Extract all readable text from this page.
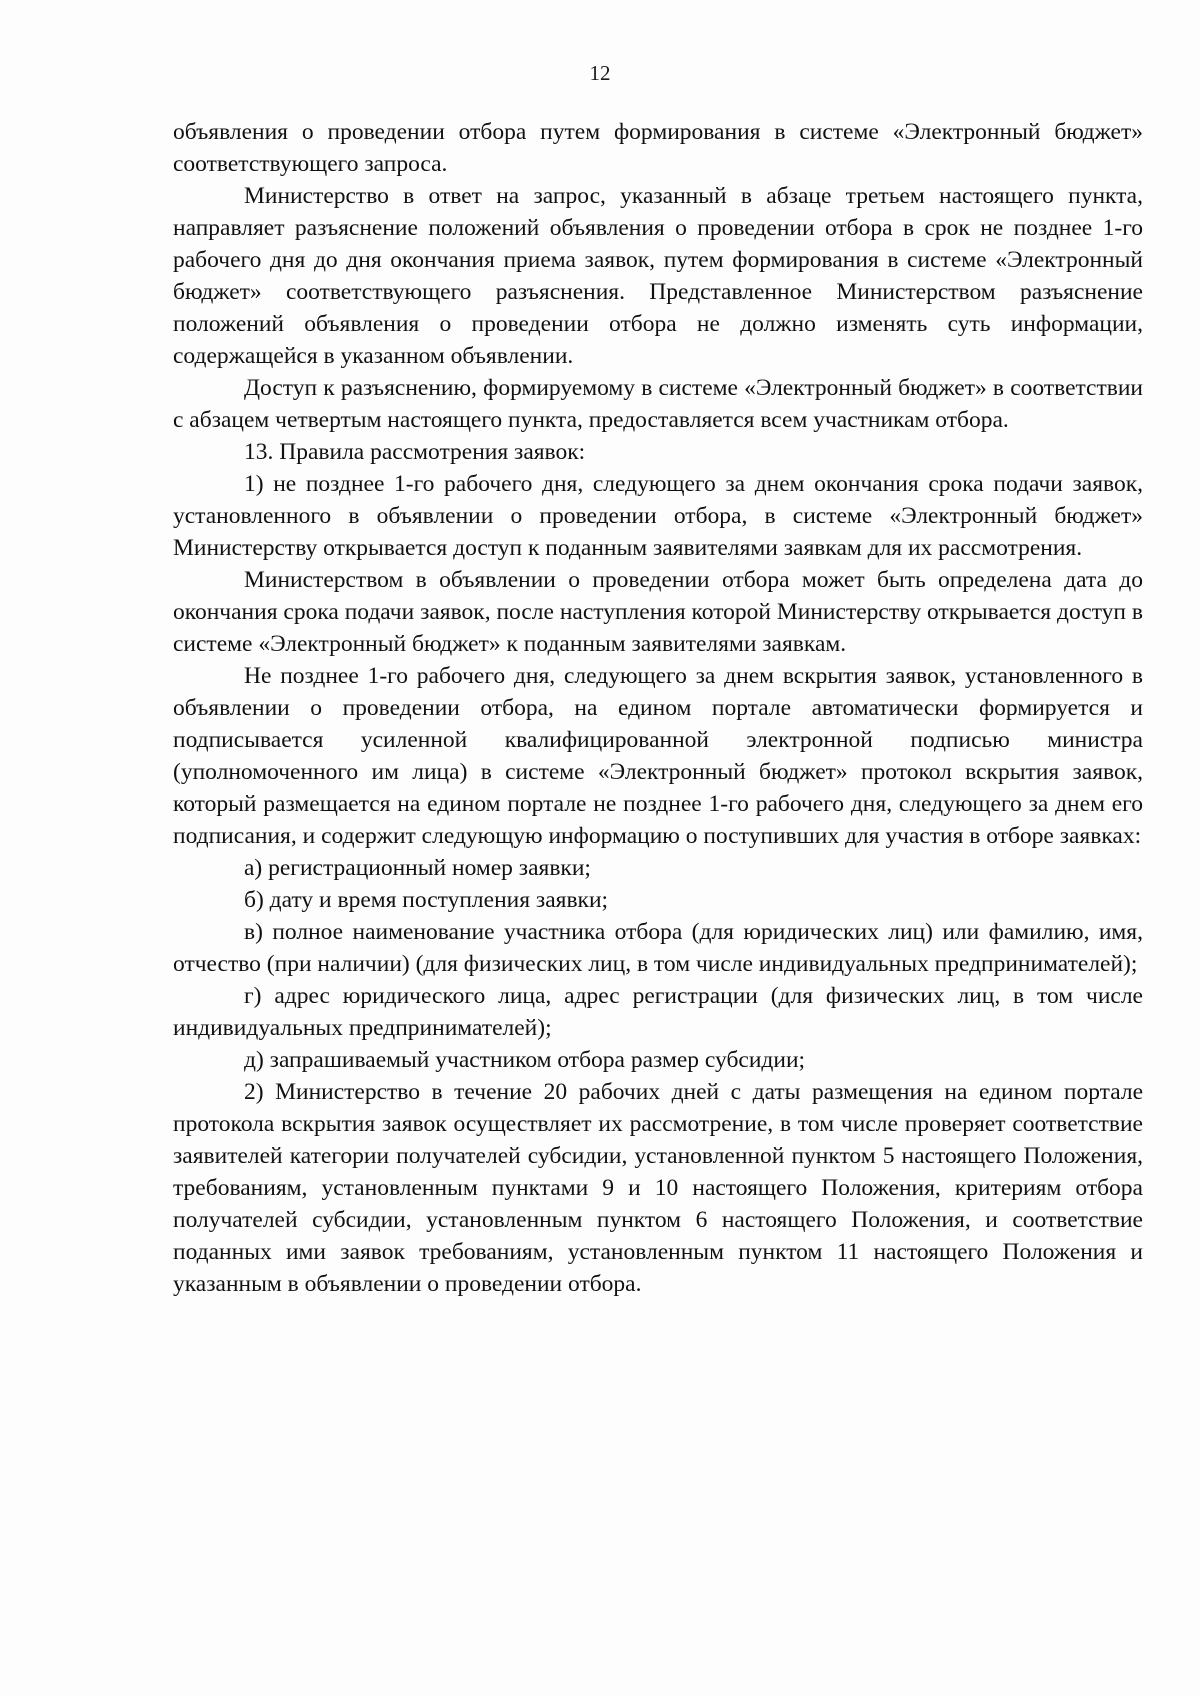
12

объявления о проведении отбора путем формирования в системе «Электронный бюджет» соответствующего запроса.

Министерство в ответ на запрос, указанный в абзаце третьем настоящего пункта, направляет разъяснение положений объявления о проведении отбора в срок не позднее 1-го рабочего дня до дня окончания приема заявок, путем формирования в системе «Электронный бюджет» соответствующего разъяснения. Представленное Министерством разъяснение положений объявления о проведении отбора не должно изменять суть информации, содержащейся в указанном объявлении.

Доступ к разъяснению, формируемому в системе «Электронный бюджет» в соответствии с абзацем четвертым настоящего пункта, предоставляется всем участникам отбора.

13. Правила рассмотрения заявок:

1) не позднее 1-го рабочего дня, следующего за днем окончания срока подачи заявок, установленного в объявлении о проведении отбора, в системе «Электронный бюджет» Министерству открывается доступ к поданным заявителями заявкам для их рассмотрения.

Министерством в объявлении о проведении отбора может быть определена дата до окончания срока подачи заявок, после наступления которой Министерству открывается доступ в системе «Электронный бюджет» к поданным заявителями заявкам.

Не позднее 1-го рабочего дня, следующего за днем вскрытия заявок, установленного в объявлении о проведении отбора, на едином портале автоматически формируется и подписывается усиленной квалифицированной электронной подписью министра (уполномоченного им лица) в системе «Электронный бюджет» протокол вскрытия заявок, который размещается на едином портале не позднее 1-го рабочего дня, следующего за днем его подписания, и содержит следующую информацию о поступивших для участия в отборе заявках:

а) регистрационный номер заявки;

б) дату и время поступления заявки;

в) полное наименование участника отбора (для юридических лиц) или фамилию, имя, отчество (при наличии) (для физических лиц, в том числе индивидуальных предпринимателей);

г) адрес юридического лица, адрес регистрации (для физических лиц, в том числе индивидуальных предпринимателей);

д) запрашиваемый участником отбора размер субсидии;

2) Министерство в течение 20 рабочих дней с даты размещения на едином портале протокола вскрытия заявок осуществляет их рассмотрение, в том числе проверяет соответствие заявителей категории получателей субсидии, установленной пунктом 5 настоящего Положения, требованиям, установленным пунктами 9 и 10 настоящего Положения, критериям отбора получателей субсидии, установленным пунктом 6 настоящего Положения, и соответствие поданных ими заявок требованиям, установленным пунктом 11 настоящего Положения и указанным в объявлении о проведении отбора.
